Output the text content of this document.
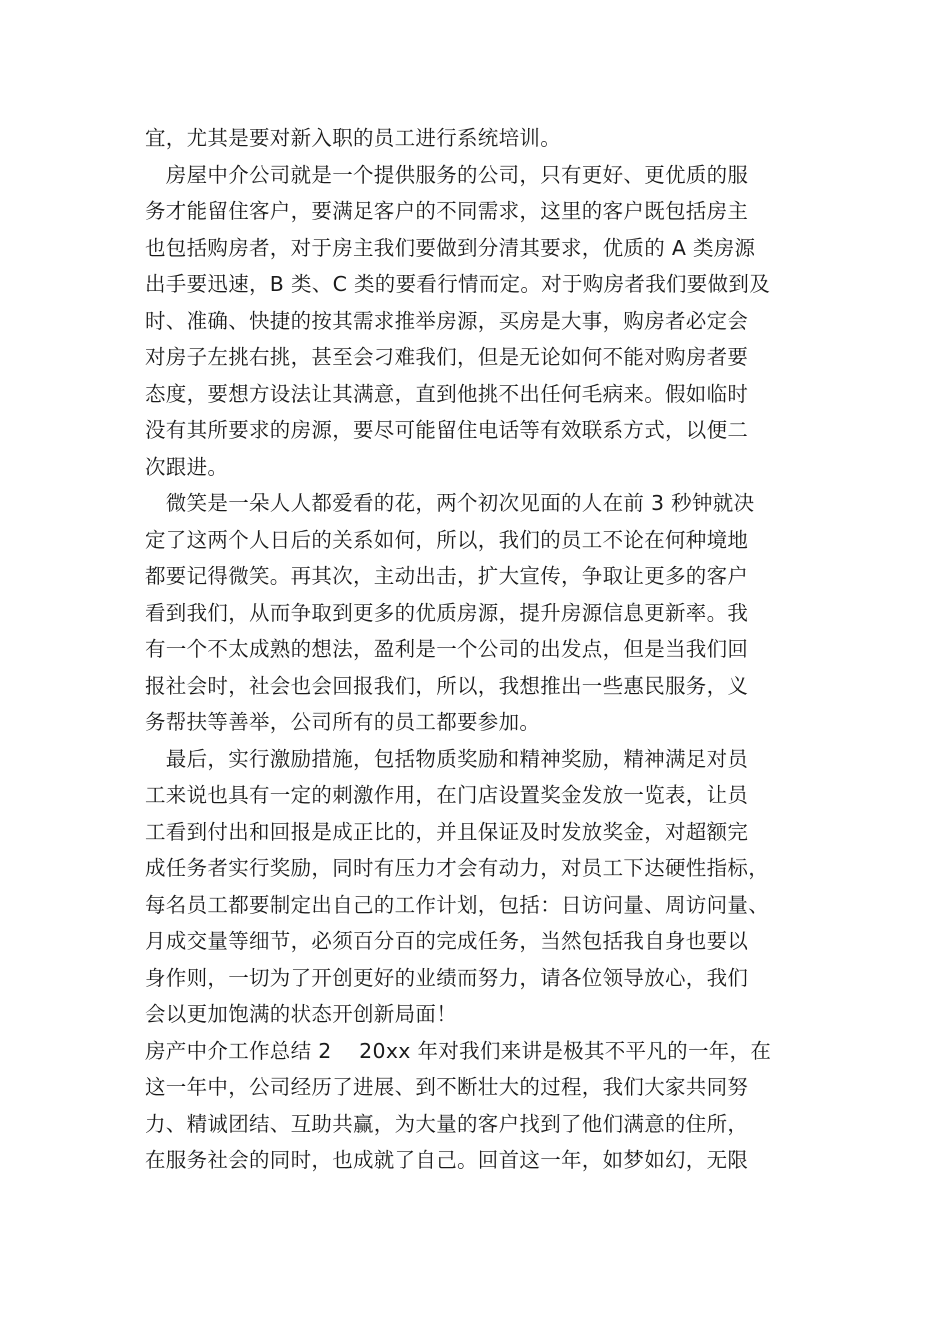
宜，尤其是要对新入职的员工进行系统培训。
　房屋中介公司就是一个提供服务的公司，只有更好、更优质的服
务才能留住客户，要满足客户的不同需求，这里的客户既包括房主
也包括购房者，对于房主我们要做到分清其要求，优质的 A 类房源
出手要迅速，B 类、C 类的要看行情而定。对于购房者我们要做到及
时、准确、快捷的按其需求推举房源，买房是大事，购房者必定会
对房子左挑右挑，甚至会刁难我们，但是无论如何不能对购房者要
态度，要想方设法让其满意，直到他挑不出任何毛病来。假如临时
没有其所要求的房源，要尽可能留住电话等有效联系方式，以便二
次跟进。
　微笑是一朵人人都爱看的花，两个初次见面的人在前 3 秒钟就决
定了这两个人日后的关系如何，所以，我们的员工不论在何种境地
都要记得微笑。再其次，主动出击，扩大宣传，争取让更多的客户
看到我们，从而争取到更多的优质房源，提升房源信息更新率。我
有一个不太成熟的想法，盈利是一个公司的出发点，但是当我们回
报社会时，社会也会回报我们，所以，我想推出一些惠民服务，义
务帮扶等善举，公司所有的员工都要参加。
　最后，实行激励措施，包括物质奖励和精神奖励，精神满足对员
工来说也具有一定的刺激作用，在门店设置奖金发放一览表，让员
工看到付出和回报是成正比的，并且保证及时发放奖金，对超额完
成任务者实行奖励，同时有压力才会有动力，对员工下达硬性指标，
每名员工都要制定出自己的工作计划，包括：日访问量、周访问量、
月成交量等细节，必须百分百的完成任务，当然包括我自身也要以
身作则，一切为了开创更好的业绩而努力，请各位领导放心，我们
会以更加饱满的状态开创新局面！
房产中介工作总结 2　 20xx 年对我们来讲是极其不平凡的一年，在
这一年中，公司经历了进展、到不断壮大的过程，我们大家共同努
力、精诚团结、互助共赢，为大量的客户找到了他们满意的住所，
在服务社会的同时，也成就了自己。回首这一年，如梦如幻，无限
